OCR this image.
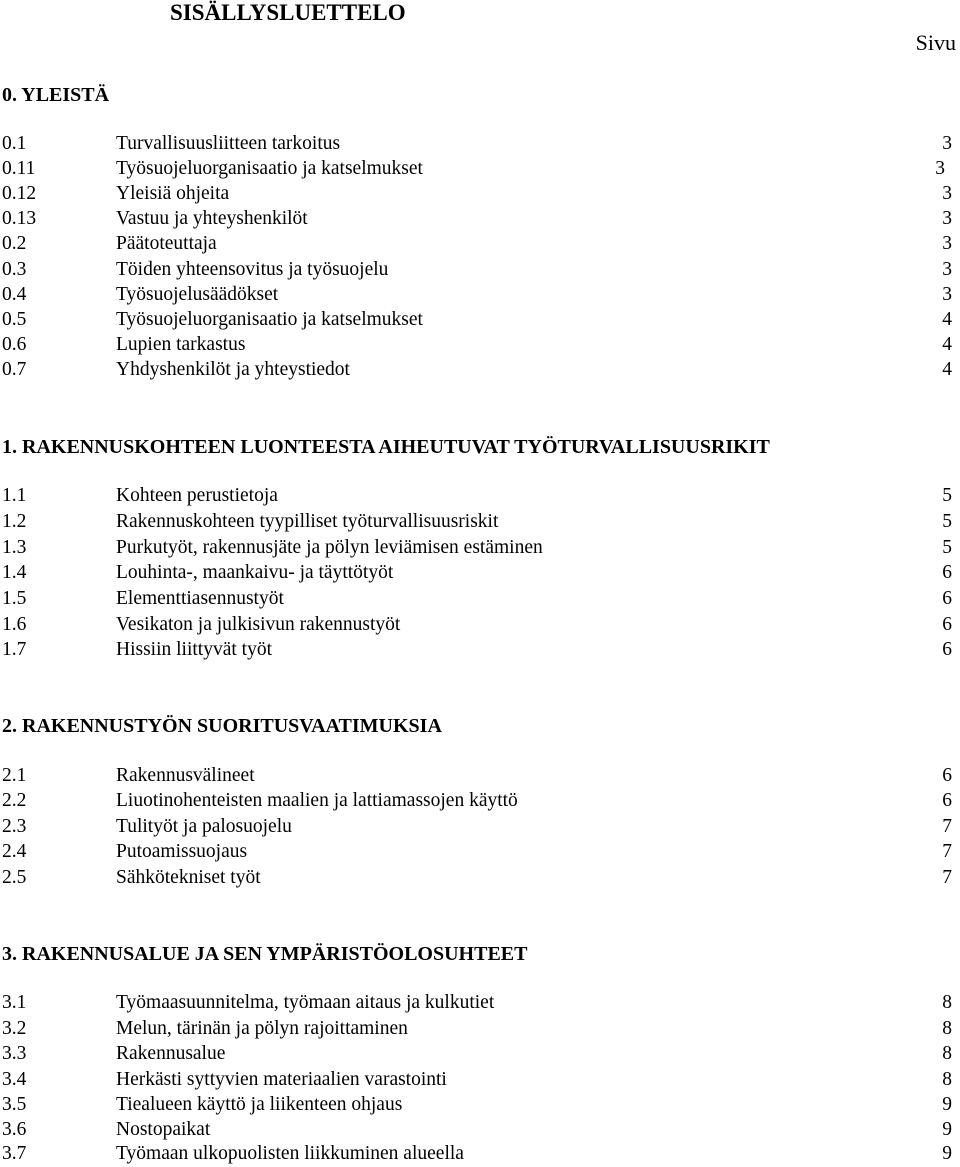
SISÄLLYSLUETTELO
Sivu
0. YLEISTÄ
0.1	Turvallisuusliitteen tarkoitus	3
0.11	Työsuojeluorganisaatio ja katselmukset	3
0.12	Yleisiä ohjeita	3
0.13	Vastuu ja yhteyshenkilöt	3
0.2	Päätoteuttaja	3
0.3	Töiden yhteensovitus ja työsuojelu	3
0.4	Työsuojelusäädökset	3
0.5	Työsuojeluorganisaatio ja katselmukset	4
0.6	Lupien tarkastus	4
0.7	Yhdyshenkilöt ja yhteystiedot	4
1. RAKENNUSKOHTEEN LUONTEESTA AIHEUTUVAT TYÖTURVALLISUUSRIKIT
1.1	Kohteen perustietoja	5
1.2	Rakennuskohteen tyypilliset työturvallisuusriskit	5
1.3	Purkutyöt, rakennusjäte ja pölyn leviämisen estäminen	5
1.4	Louhinta-, maankaivu- ja täyttötyöt	6
1.5	Elementtiasennustyöt	6
1.6	Vesikaton ja julkisivun rakennustyöt	6
1.7	Hissiin liittyvät työt	6
2. RAKENNUSTYÖN SUORITUSVAATIMUKSIA
2.1	Rakennusvälineet	6
2.2	Liuotinohenteisten maalien ja lattiamassojen käyttö	6
2.3	Tulityöt ja palosuojelu	7
2.4	Putoamissuojaus	7
2.5	Sähkötekniset työt	7
3. RAKENNUSALUE JA SEN YMPÄRISTÖOLOSUHTEET
3.1	Työmaasuunnitelma, työmaan aitaus ja kulkutiet	8
3.2	Melun, tärinän ja pölyn rajoittaminen	8
3.3	Rakennusalue	8
3.4	Herkästi syttyvien materiaalien varastointi	8
3.5	Tiealueen käyttö ja liikenteen ohjaus	9
3.6	Nostopaikat	9
3.7	Työmaan ulkopuolisten liikkuminen alueella	9
